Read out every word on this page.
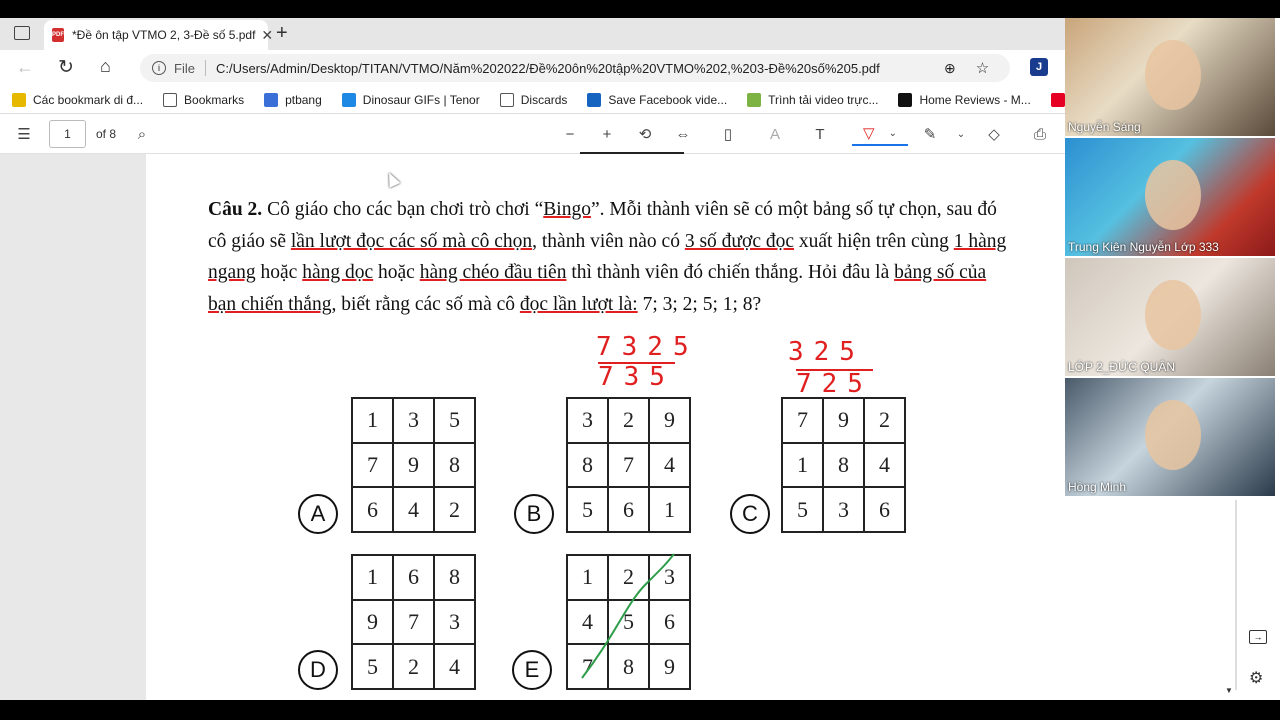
PDF *Đề ôn tập VTMO 2, 3-Đề số 5.pdf ✕ +
← ↻ ⌂	i	File C:/Users/Admin/Desktop/TITAN/VTMO/Năm%202022/Đề%20ôn%20tập%20VTMO%202,%203-Đề%20số%205.pdf	⊕ ☆	J
Các bookmark di đ...	Bookmarks	ptbang	Dinosaur GIFs | Tenor	Discards	Save Facebook vide...	Trình tải video trực...	Home Reviews - M...
☰	1	of 8	⌕	−	+	⟲ ⇔	▯	A	T	▽ ⌄ ✎	⌄ ◇ ⎙
Câu 2. Cô giáo cho các bạn chơi trò chơi “Bingo”. Mỗi thành viên sẽ có một bảng số tự chọn, sau đó cô giáo sẽ lần lượt đọc các số mà cô chọn, thành viên nào có 3 số được đọc xuất hiện trên cùng 1 hàng ngang hoặc hàng dọc hoặc hàng chéo đầu tiên thì thành viên đó chiến thắng. Hỏi đâu là bảng số của bạn chiến thắng, biết rằng các số mà cô đọc lần lượt là: 7; 3; 2; 5; 1; 8?
7325
735
325
725
A
1	3	5
7	9	8
6	4	2	B
3	2	9
8	7	4
5	6	1	C
7	9	2
1	8	4
5	3	6
D
1	6	8
9	7	3
5	2	4	E
1	2	3
4	5	6
7	8	9
Nguyễn Sáng
Trung Kiên Nguyễn Lớp 333
LỚP 2_ĐỨC QUÂN
Hồng Minh
→
⚙
▼
